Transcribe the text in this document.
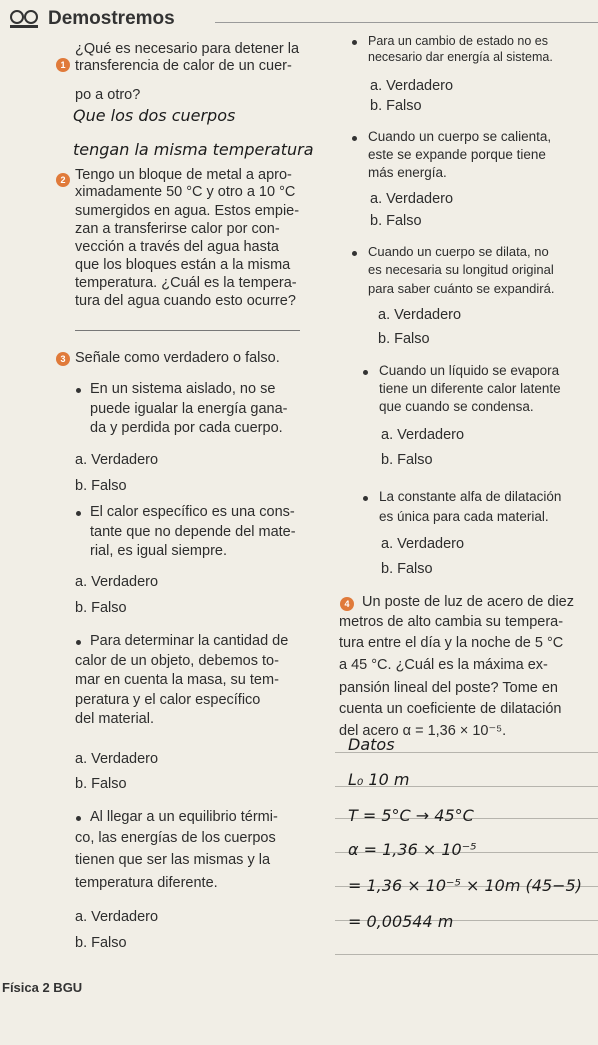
Demostremos
1
¿Qué es necesario para detener la
transferencia de calor de un cuer-
po a otro?
Que los dos cuerpos
tengan la misma temperatura
2 Tengo un bloque de metal a apro-
ximadamente 50 °C y otro a 10 °C
sumergidos en agua. Estos empie-
zan a transferirse calor por con-
vección a través del agua hasta
que los bloques están a la misma
temperatura. ¿Cuál es la tempera-
tura del agua cuando esto ocurre?
3 Señale como verdadero o falso.
En un sistema aislado, no se
puede igualar la energía gana-
da y perdida por cada cuerpo.
a. Verdadero
b. Falso
El calor específico es una cons-
tante que no depende del mate-
rial, es igual siempre.
a. Verdadero
b. Falso
Para determinar la cantidad de
calor de un objeto, debemos to-
mar en cuenta la masa, su tem-
peratura y el calor específico
del material.
a. Verdadero
b. Falso
Al llegar a un equilibrio térmi-
co, las energías de los cuerpos
tienen que ser las mismas y la
temperatura diferente.
a. Verdadero
b. Falso
Para un cambio de estado no es
necesario dar energía al sistema.
a. Verdadero
b. Falso
Cuando un cuerpo se calienta,
este se expande porque tiene
más energía.
a. Verdadero
b. Falso
Cuando un cuerpo se dilata, no
es necesaria su longitud original
para saber cuánto se expandirá.
a. Verdadero
b. Falso
Cuando un líquido se evapora
tiene un diferente calor latente
que cuando se condensa.
a. Verdadero
b. Falso
La constante alfa de dilatación
es única para cada material.
a. Verdadero
b. Falso
4 Un poste de luz de acero de diez
metros de alto cambia su tempera-
tura entre el día y la noche de 5 °C
a 45 °C. ¿Cuál es la máxima ex-
pansión lineal del poste? Tome en
cuenta un coeficiente de dilatación
del acero α = 1,36 × 10⁻⁵.
Datos
L₀ 10 m
T = 5°C → 45°C
α = 1,36 × 10⁻⁵
= 1,36 × 10⁻⁵ × 10m (45−5)
= 0,00544 m
Física 2 BGU
